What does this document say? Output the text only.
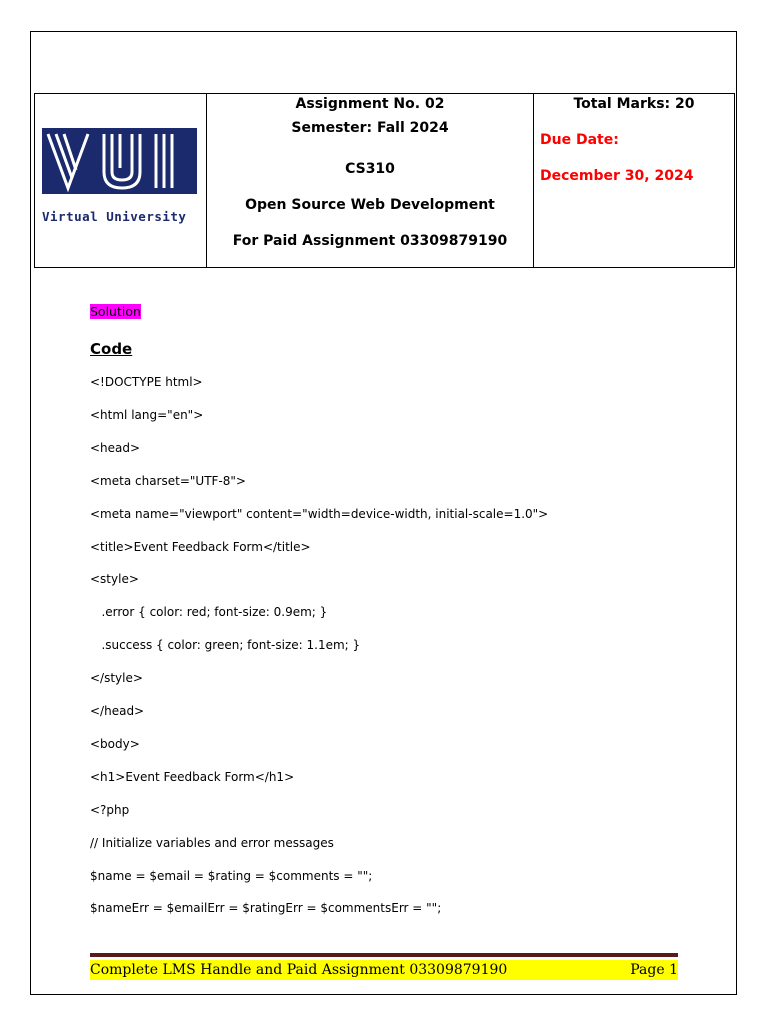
Virtual University
Assignment No. 02
Semester: Fall 2024
CS310
Open Source Web Development
For Paid Assignment 03309879190
Total Marks: 20
Due Date:
December 30, 2024
Solution
Code
<!DOCTYPE html>
<html lang="en">
<head>
<meta charset="UTF-8">
<meta name="viewport" content="width=device-width, initial-scale=1.0">
<title>Event Feedback Form</title>
<style>
.error { color: red; font-size: 0.9em; }
.success { color: green; font-size: 1.1em; }
</style>
</head>
<body>
<h1>Event Feedback Form</h1>
<?php
// Initialize variables and error messages
$name = $email = $rating = $comments = "";
$nameErr = $emailErr = $ratingErr = $commentsErr = "";
Complete LMS Handle and Paid Assignment 03309879190	Page 1
